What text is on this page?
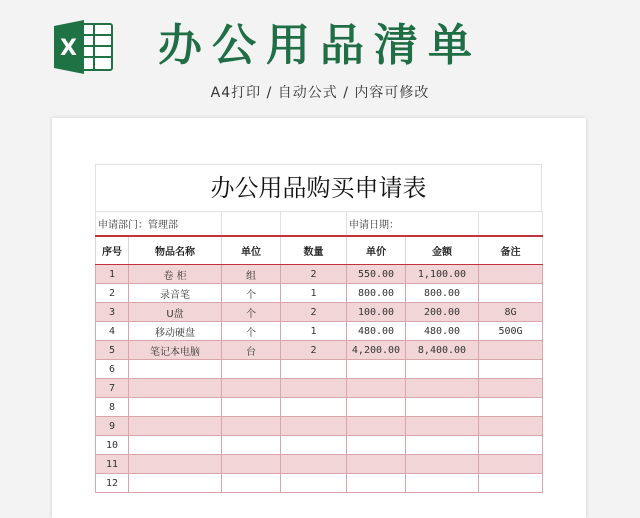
X 办公用品清单
A4打印 / 自动公式 / 内容可修改
办公用品购买申请表
申请部门：管理部				申请日期：		
序号	物品名称	单位	数量	单价	金额	备注
1	卷 柜	组	2	550.00	1,100.00	
2	录音笔	个	1	800.00	800.00	
3	U盘	个	2	100.00	200.00	8G
4	移动硬盘	个	1	480.00	480.00	500G
5	笔记本电脑	台	2	4,200.00	8,400.00	
6						
7						
8						
9						
10						
11						
12						
